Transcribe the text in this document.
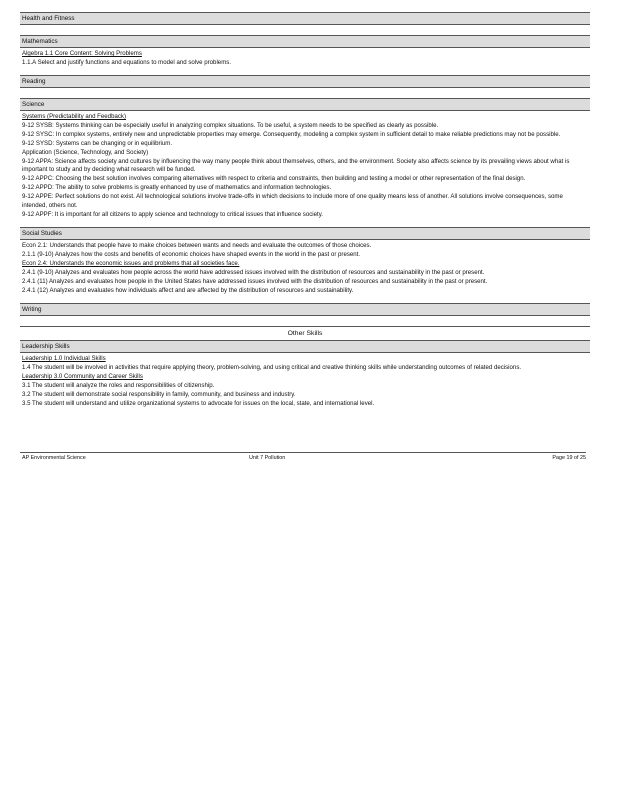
Health and Fitness
Mathematics
Algebra 1.1 Core Content: Solving Problems
1.1.A Select and justify functions and equations to model and solve problems.
Reading
Science
Systems (Predictability and Feedback)
9-12 SYSB: Systems thinking can be especially useful in analyzing complex situations. To be useful, a system needs to be specified as clearly as possible.
9-12 SYSC: In complex systems, entirely new and unpredictable properties may emerge. Consequently, modeling a complex system in sufficient detail to make reliable predictions may not be possible.
9-12 SYSD: Systems can be changing or in equilibrium.
Application (Science, Technology, and Society)
9-12 APPA: Science affects society and cultures by influencing the way many people think about themselves, others, and the environment. Society also affects science by its prevailing views about what is important to study and by deciding what research will be funded.
9-12 APPC: Choosing the best solution involves comparing alternatives with respect to criteria and constraints, then building and testing a model or other representation of the final design.
9-12 APPD: The ability to solve problems is greatly enhanced by use of mathematics and information technologies.
9-12 APPE: Perfect solutions do not exist. All technological solutions involve trade-offs in which decisions to include more of one quality means less of another. All solutions involve consequences, some intended, others not.
9-12 APPF: It is important for all citizens to apply science and technology to critical issues that influence society.
Social Studies
Econ 2.1: Understands that people have to make choices between wants and needs and evaluate the outcomes of those choices.
2.1.1 (9-10) Analyzes how the costs and benefits of economic choices have shaped events in the world in the past or present.
Econ 2.4: Understands the economic issues and problems that all societies face.
2.4.1 (9-10) Analyzes and evaluates how people across the world have addressed issues involved with the distribution of resources and sustainability in the past or present.
2.4.1 (11) Analyzes and evaluates how people in the United States have addressed issues involved with the distribution of resources and sustainability in the past or present.
2.4.1 (12) Analyzes and evaluates how individuals affect and are affected by the distribution of resources and sustainability.
Writing
Other Skills
Leadership Skills
Leadership 1.0 Individual Skills
1.4 The student will be involved in activities that require applying theory, problem-solving, and using critical and creative thinking skills while understanding outcomes of related decisions.
Leadership 3.0 Community and Career Skills
3.1 The student will analyze the roles and responsibilities of citizenship.
3.2 The student will demonstrate social responsibility in family, community, and business and industry.
3.5 The student will understand and utilize organizational systems to advocate for issues on the local, state, and international level.
AP Environmental Science	Unit 7 Pollution	Page 19 of 25
